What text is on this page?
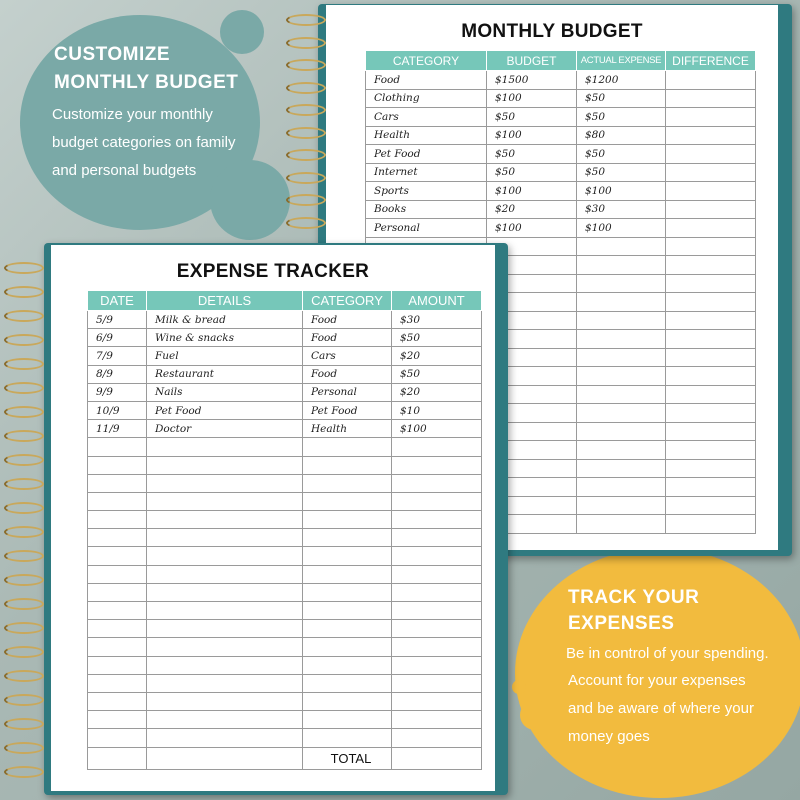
CUSTOMIZE
MONTHLY BUDGET
Customize your monthly
budget categories on family
and personal budgets
TRACK YOUR
EXPENSES
Be in control of your spending.
Account for your expenses
and be aware of where your
money goes
MONTHLY BUDGET
CATEGORY	BUDGET	ACTUAL EXPENSE	DIFFERENCE
Food	$1500	$1200	
Clothing	$100	$50	
Cars	$50	$50	
Health	$100	$80	
Pet Food	$50	$50	
Internet	$50	$50	
Sports	$100	$100	
Books	$20	$30	
Personal	$100	$100	

EXPENSE TRACKER
DATE	DETAILS	CATEGORY	AMOUNT
5/9	Milk & bread	Food	$30
6/9	Wine & snacks	Food	$50
7/9	Fuel	Cars	$20
8/9	Restaurant	Food	$50
9/9	Nails	Personal	$20
10/9	Pet Food	Pet Food	$10
11/9	Doctor	Health	$100

		TOTAL	
